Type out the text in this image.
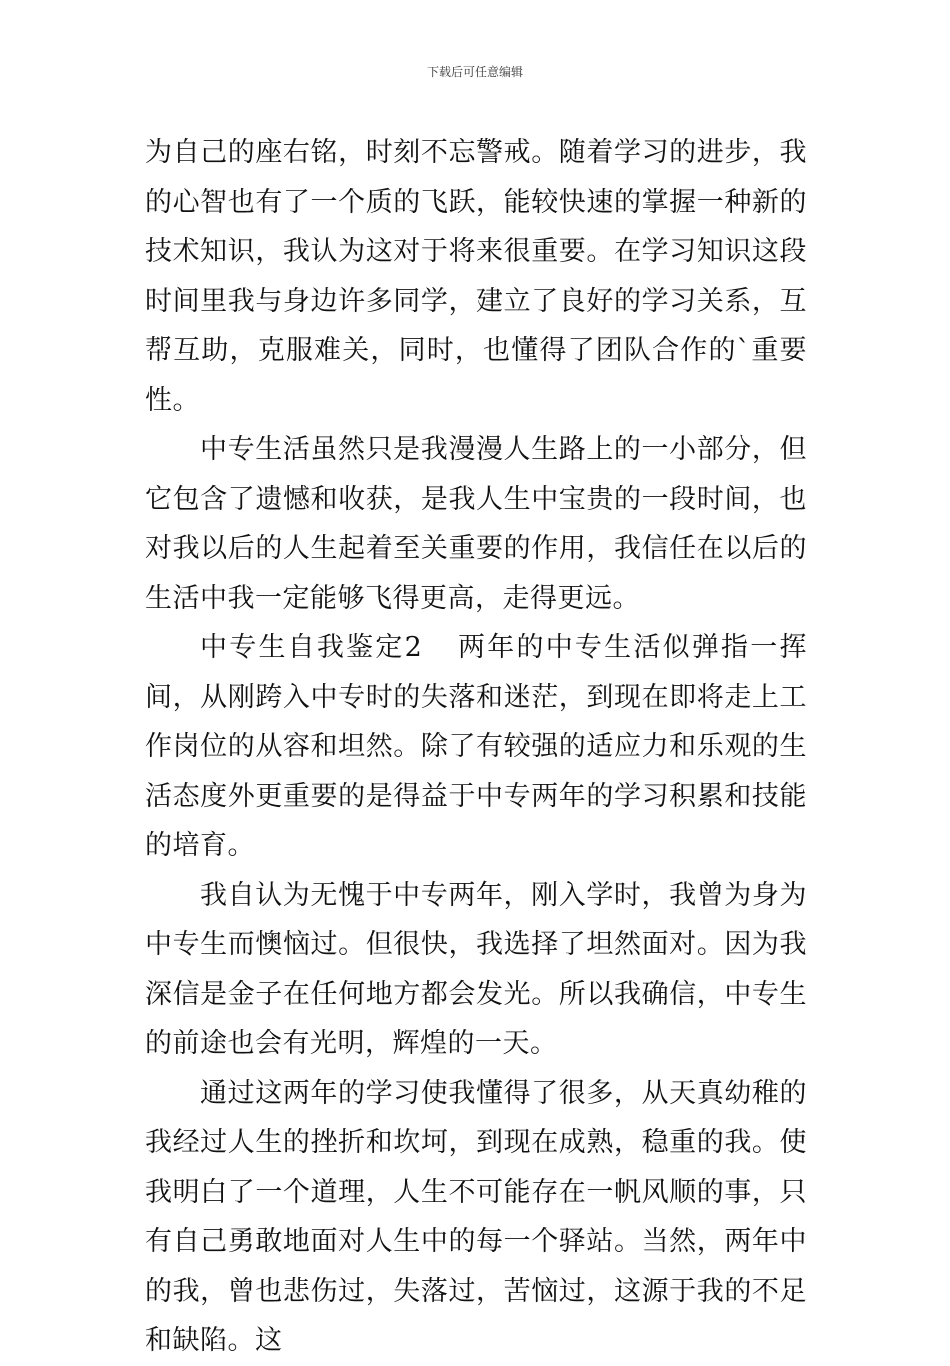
下载后可任意编辑

为自己的座右铭，时刻不忘警戒。随着学习的进步，我的心智也有了一个质的飞跃，能较快速的掌握一种新的技术知识，我认为这对于将来很重要。在学习知识这段时间里我与身边许多同学，建立了良好的学习关系，互帮互助，克服难关，同时，也懂得了团队合作的`重要性。

中专生活虽然只是我漫漫人生路上的一小部分，但它包含了遗憾和收获，是我人生中宝贵的一段时间，也对我以后的人生起着至关重要的作用，我信任在以后的生活中我一定能够飞得更高，走得更远。

中专生自我鉴定2 两年的中专生活似弹指一挥间，从刚跨入中专时的失落和迷茫，到现在即将走上工作岗位的从容和坦然。除了有较强的适应力和乐观的生活态度外更重要的是得益于中专两年的学习积累和技能的培育。

我自认为无愧于中专两年，刚入学时，我曾为身为中专生而懊恼过。但很快，我选择了坦然面对。因为我深信是金子在任何地方都会发光。所以我确信，中专生的前途也会有光明，辉煌的一天。

通过这两年的学习使我懂得了很多，从天真幼稚的我经过人生的挫折和坎坷，到现在成熟，稳重的我。使我明白了一个道理，人生不可能存在一帆风顺的事，只有自己勇敢地面对人生中的每一个驿站。当然，两年中的我，曾也悲伤过，失落过，苦恼过，这源于我的不足和缺陷。这
